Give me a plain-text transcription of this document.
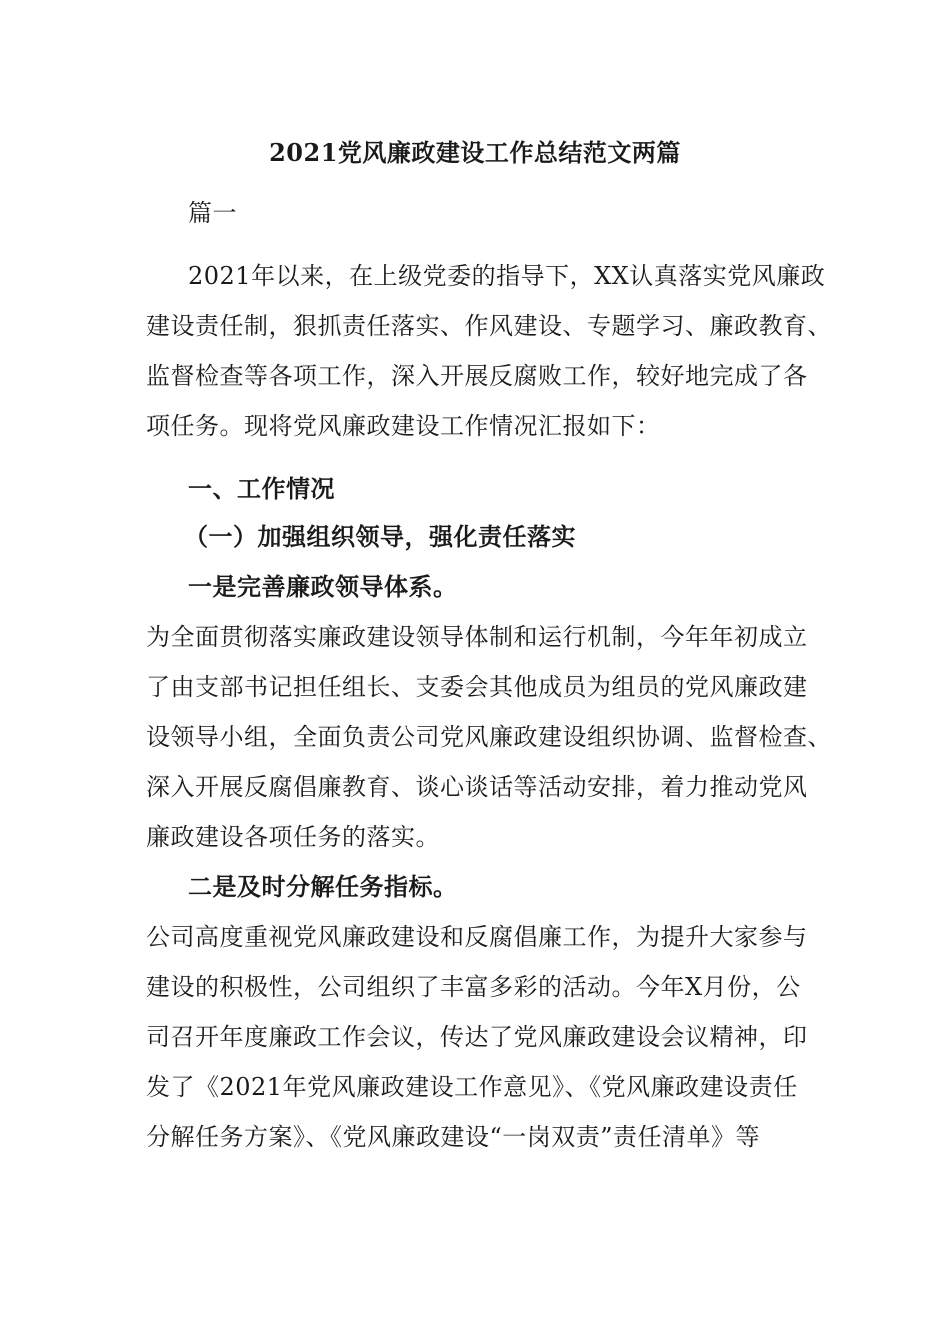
2021党风廉政建设工作总结范文两篇
篇一
2021年以来，在上级党委的指导下，XX认真落实党风廉政
建设责任制，狠抓责任落实、作风建设、专题学习、廉政教育、
监督检查等各项工作，深入开展反腐败工作，较好地完成了各
项任务。现将党风廉政建设工作情况汇报如下：
一、工作情况
（一）加强组织领导，强化责任落实
一是完善廉政领导体系。
为全面贯彻落实廉政建设领导体制和运行机制，今年年初成立
了由支部书记担任组长、支委会其他成员为组员的党风廉政建
设领导小组，全面负责公司党风廉政建设组织协调、监督检查、
深入开展反腐倡廉教育、谈心谈话等活动安排，着力推动党风
廉政建设各项任务的落实。
二是及时分解任务指标。
公司高度重视党风廉政建设和反腐倡廉工作，为提升大家参与
建设的积极性，公司组织了丰富多彩的活动。今年X月份，公
司召开年度廉政工作会议，传达了党风廉政建设会议精神，印
发了《2021年党风廉政建设工作意见》、《党风廉政建设责任
分解任务方案》、《党风廉政建设“一岗双责”责任清单》等
